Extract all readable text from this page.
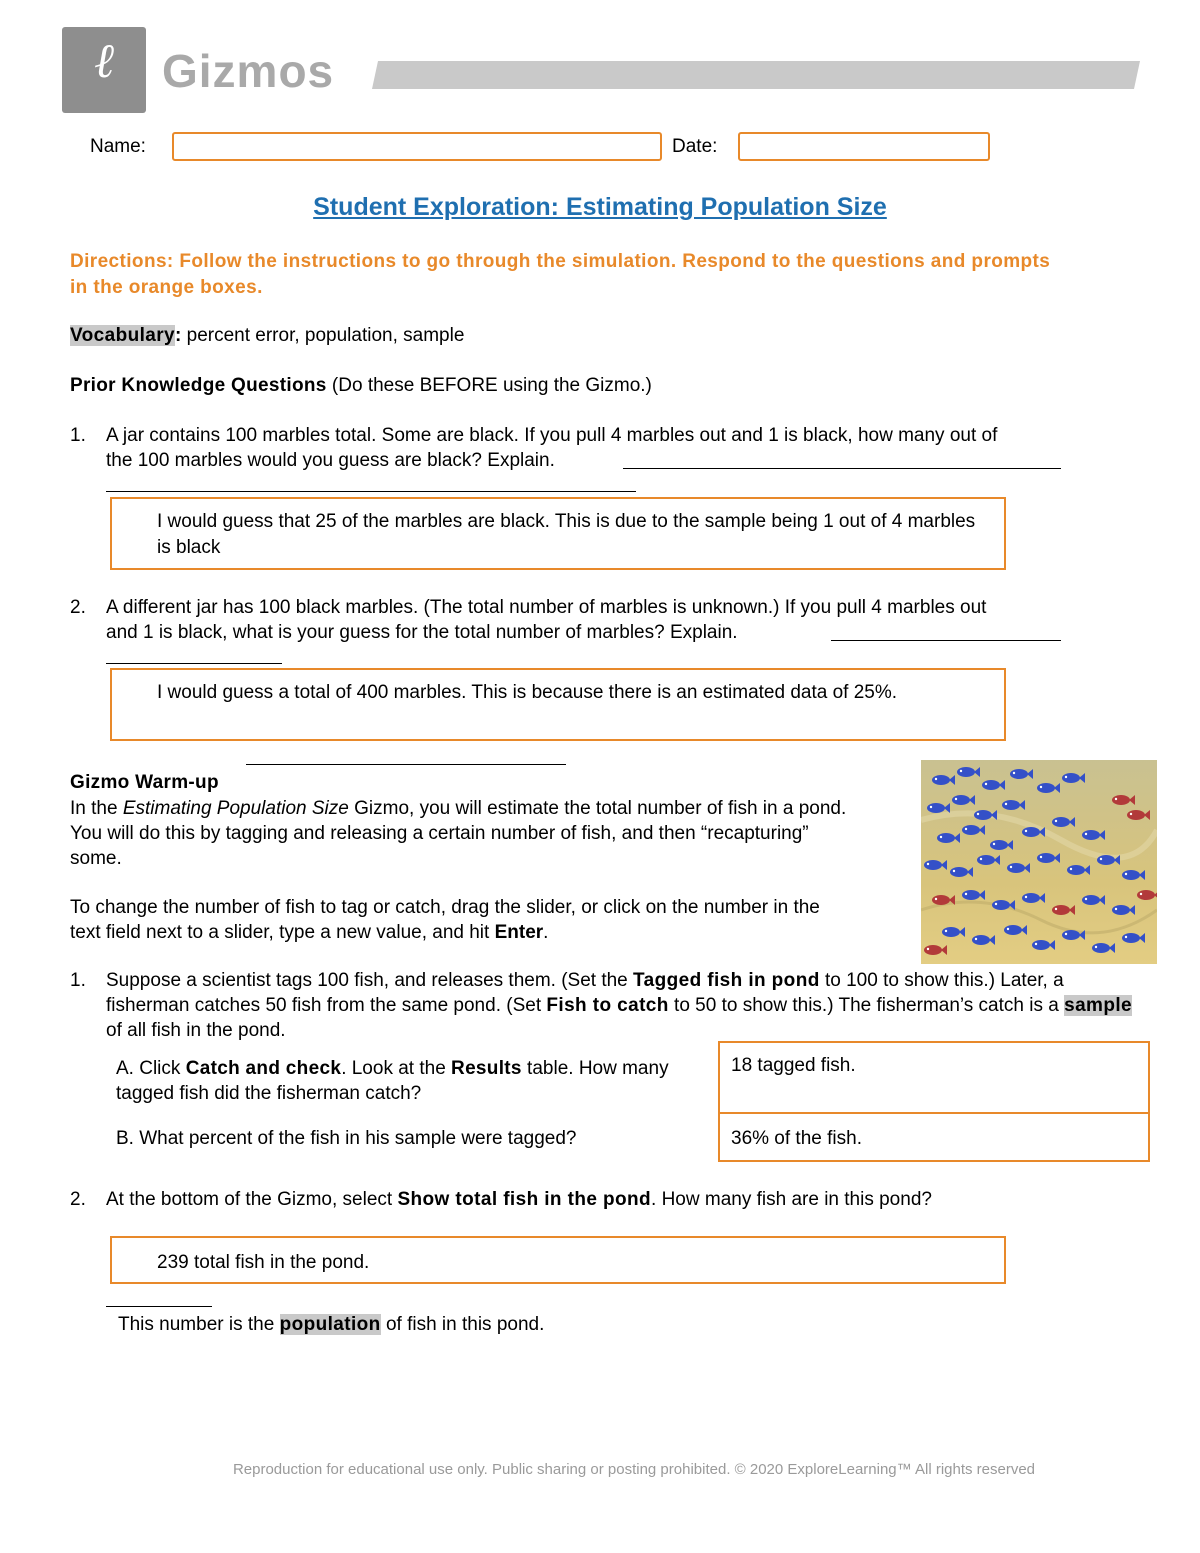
ℓ	Gizmos
Name:	Date:
Student Exploration: Estimating Population Size
Directions: Follow the instructions to go through the simulation. Respond to the questions and prompts in the orange boxes.
Vocabulary: percent error, population, sample
Prior Knowledge Questions (Do these BEFORE using the Gizmo.)
1. A jar contains 100 marbles total. Some are black. If you pull 4 marbles out and 1 is black, how many out of
the 100 marbles would you guess are black? Explain.
I would guess that 25 of the marbles are black. This is due to the sample being 1 out of 4 marbles is black
2. A different jar has 100 black marbles. (The total number of marbles is unknown.) If you pull 4 marbles out
and 1 is black, what is your guess for the total number of marbles? Explain.
I would guess a total of 400 marbles. This is because there is an estimated data of 25%.
Gizmo Warm-up
In the Estimating Population Size Gizmo, you will estimate the total number of fish in a pond. You will do this by tagging and releasing a certain number of fish, and then “recapturing” some.
To change the number of fish to tag or catch, drag the slider, or click on the number in the text field next to a slider, type a new value, and hit Enter.
1. Suppose a scientist tags 100 fish, and releases them. (Set the Tagged fish in pond to 100 to show this.) Later, a fisherman catches 50 fish from the same pond. (Set Fish to catch to 50 to show this.) The fisherman’s catch is a sample of all fish in the pond.
A. Click Catch and check. Look at the Results table. How many tagged fish did the fisherman catch?
18 tagged fish.
B. What percent of the fish in his sample were tagged?	36% of the fish.
2. At the bottom of the Gizmo, select Show total fish in the pond. How many fish are in this pond?
239 total fish in the pond.
This number is the population of fish in this pond.
Reproduction for educational use only. Public sharing or posting prohibited. © 2020 ExploreLearning™ All rights reserved
